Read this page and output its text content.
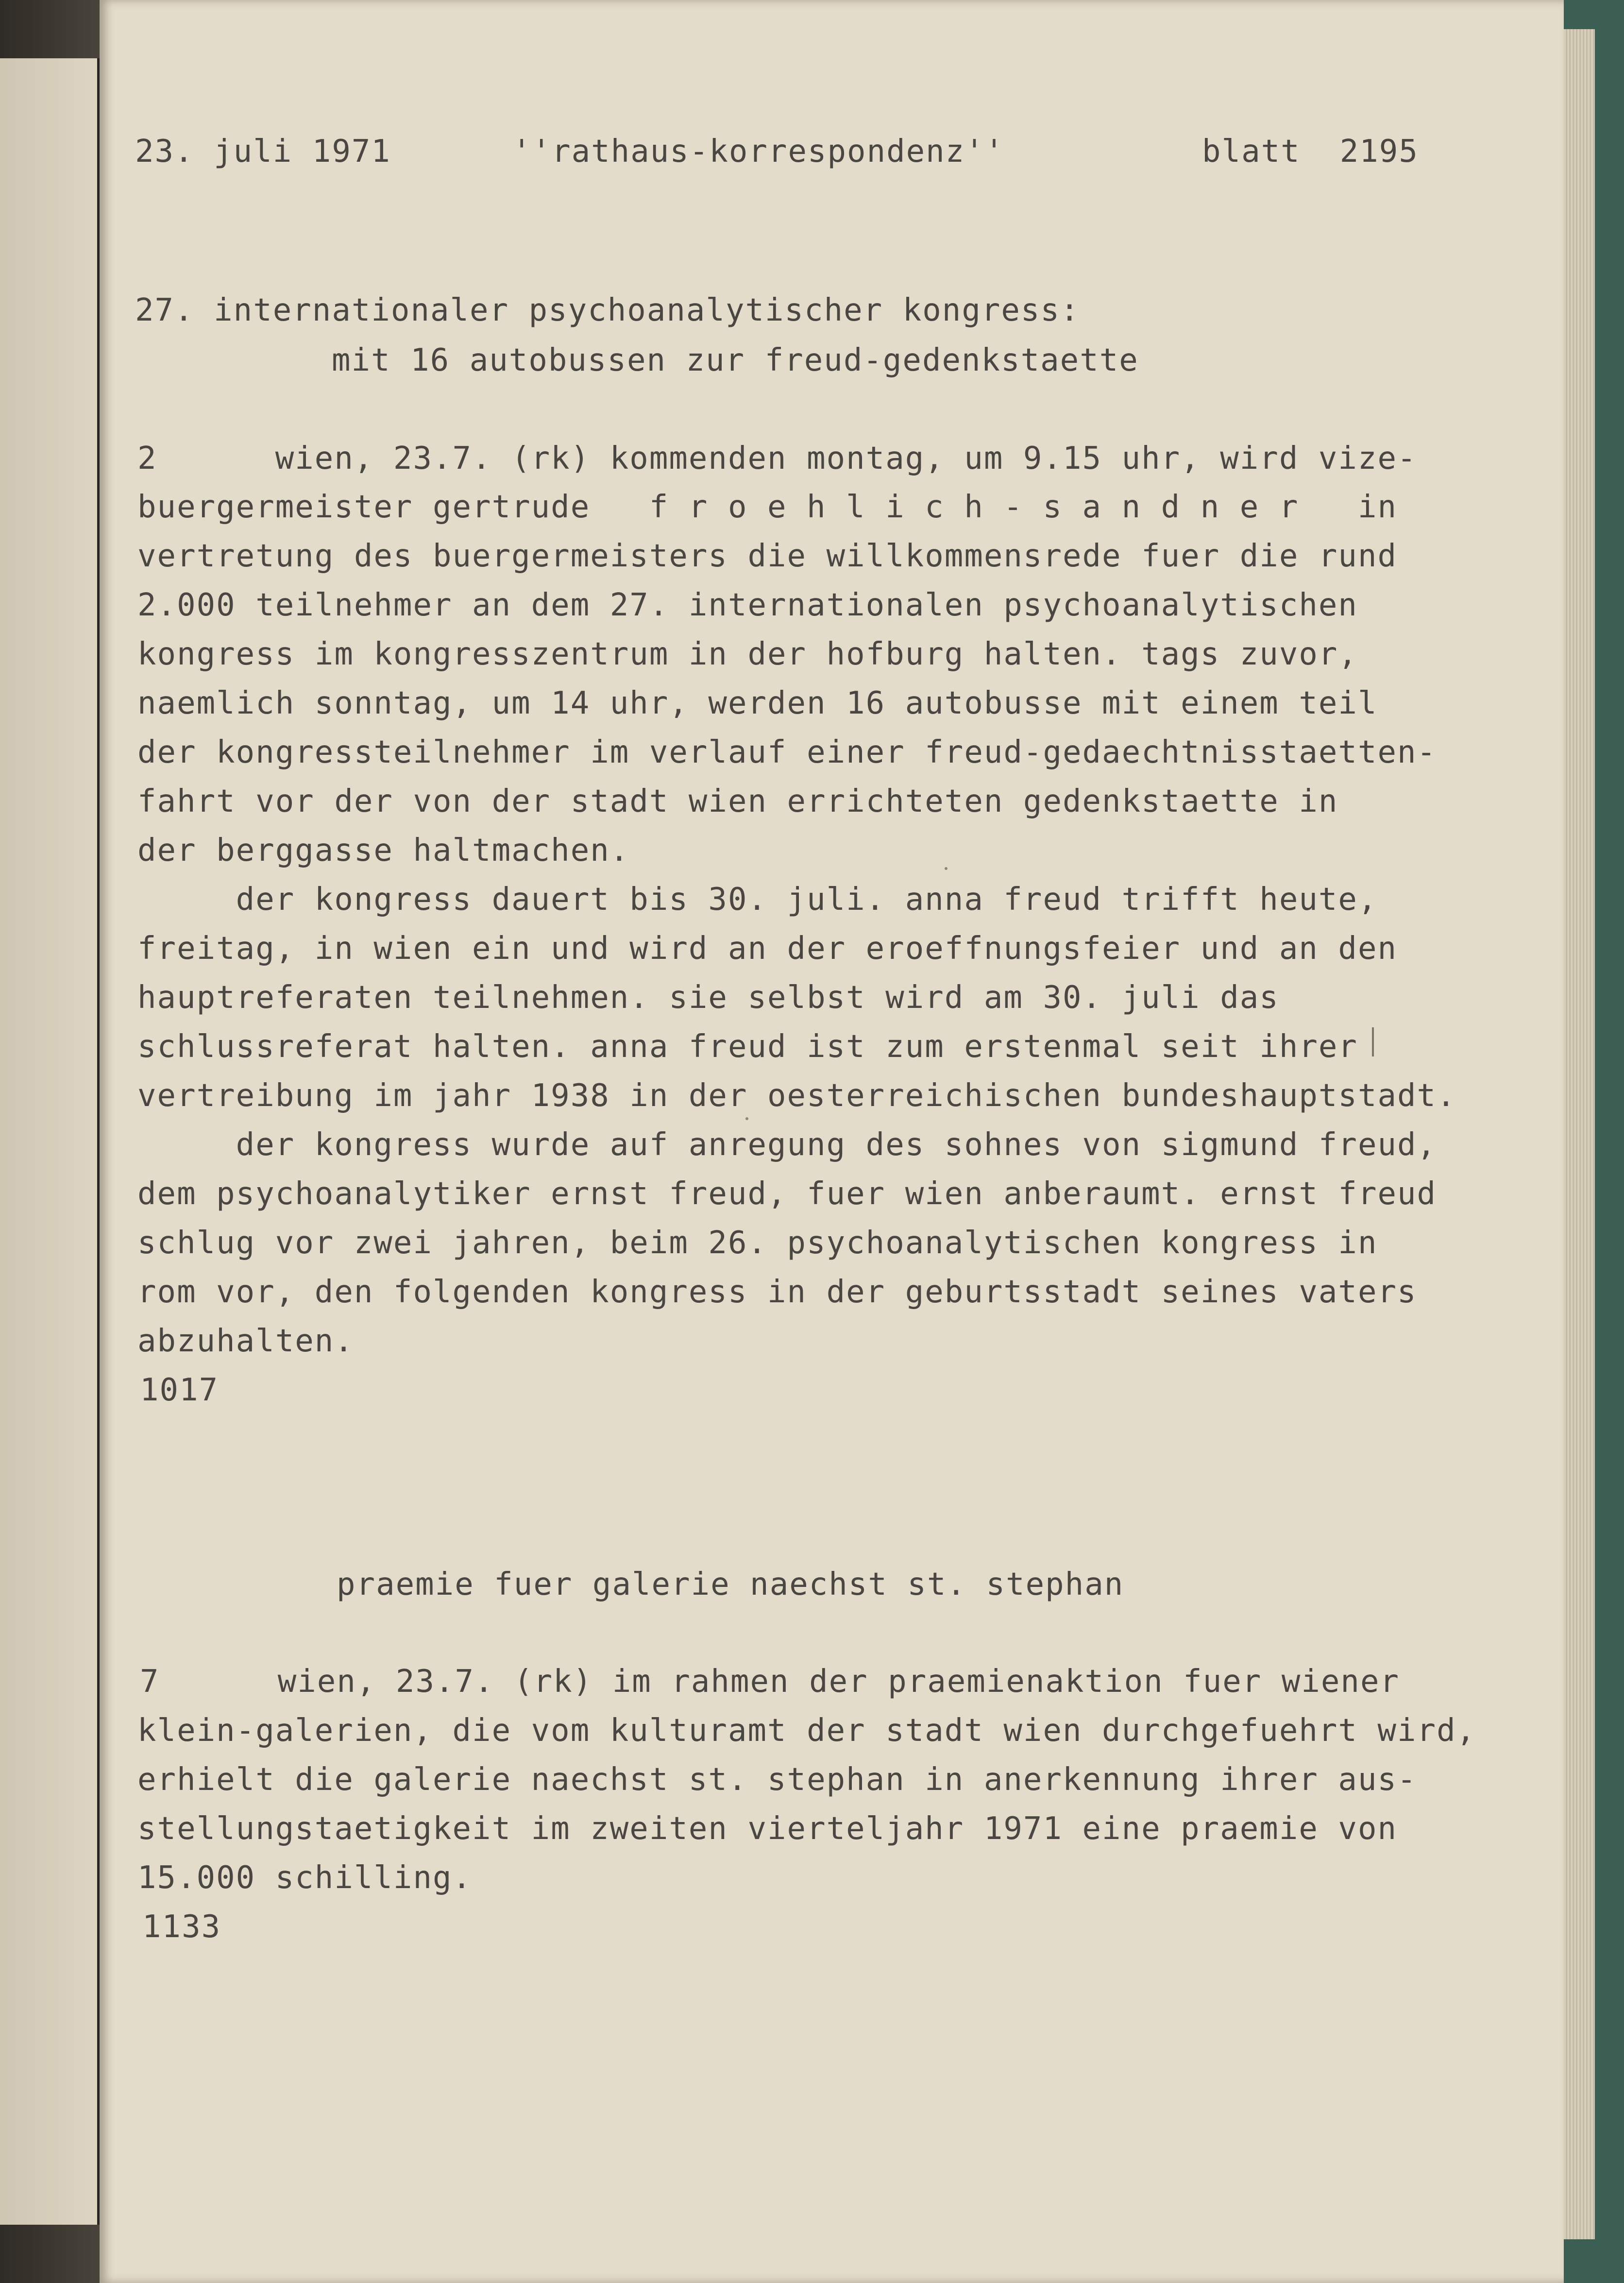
23. juli 1971	''rathaus-korrespondenz''	blatt  2195
27. internationaler psychoanalytischer kongress:
mit 16 autobussen zur freud-gedenkstaette
2      wien, 23.7. (rk) kommenden montag, um 9.15 uhr, wird vize-
buergermeister gertrude   f r o e h l i c h - s a n d n e r   in
vertretung des buergermeisters die willkommensrede fuer die rund
2.000 teilnehmer an dem 27. internationalen psychoanalytischen
kongress im kongresszentrum in der hofburg halten. tags zuvor,
naemlich sonntag, um 14 uhr, werden 16 autobusse mit einem teil
der kongressteilnehmer im verlauf einer freud-gedaechtnisstaetten-
fahrt vor der von der stadt wien errichteten gedenkstaette in
der berggasse haltmachen.
der kongress dauert bis 30. juli. anna freud trifft heute,
freitag, in wien ein und wird an der eroeffnungsfeier und an den
hauptreferaten teilnehmen. sie selbst wird am 30. juli das
schlussreferat halten. anna freud ist zum erstenmal seit ihrer
vertreibung im jahr 1938 in der oesterreichischen bundeshauptstadt.
der kongress wurde auf anregung des sohnes von sigmund freud,
dem psychoanalytiker ernst freud, fuer wien anberaumt. ernst freud
schlug vor zwei jahren, beim 26. psychoanalytischen kongress in
rom vor, den folgenden kongress in der geburtsstadt seines vaters
abzuhalten.
1017
praemie fuer galerie naechst st. stephan
7      wien, 23.7. (rk) im rahmen der praemienaktion fuer wiener
klein-galerien, die vom kulturamt der stadt wien durchgefuehrt wird,
erhielt die galerie naechst st. stephan in anerkennung ihrer aus-
stellungstaetigkeit im zweiten vierteljahr 1971 eine praemie von
15.000 schilling.
1133
